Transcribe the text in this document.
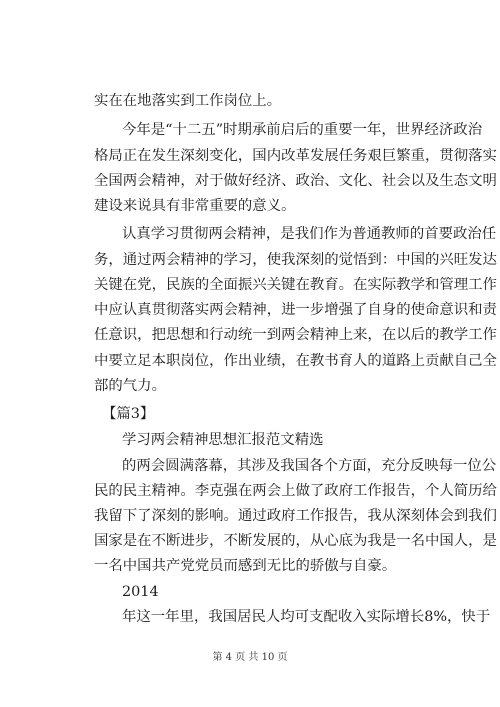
实在在地落实到工作岗位上。
今年是“十二五”时期承前启后的重要一年，世界经济政治
格局正在发生深刻变化，国内改革发展任务艰巨繁重，贯彻落实
全国两会精神，对于做好经济、政治、文化、社会以及生态文明
建设来说具有非常重要的意义。
认真学习贯彻两会精神，是我们作为普通教师的首要政治任
务，通过两会精神的学习，使我深刻的觉悟到：中国的兴旺发达
关键在党，民族的全面振兴关键在教育。在实际教学和管理工作
中应认真贯彻落实两会精神，进一步增强了自身的使命意识和责
任意识，把思想和行动统一到两会精神上来，在以后的教学工作
中要立足本职岗位，作出业绩，在教书育人的道路上贡献自己全
部的气力。
【篇3】
学习两会精神思想汇报范文精选
的两会圆满落幕，其涉及我国各个方面，充分反映每一位公
民的民主精神。李克强在两会上做了政府工作报告，个人简历给
我留下了深刻的影响。通过政府工作报告，我从深刻体会到我们
国家是在不断进步，不断发展的，从心底为我是一名中国人，是
一名中国共产党党员而感到无比的骄傲与自豪。
2014
年这一年里，我国居民人均可支配收入实际增长8%，快于
第 4 页 共 10 页
